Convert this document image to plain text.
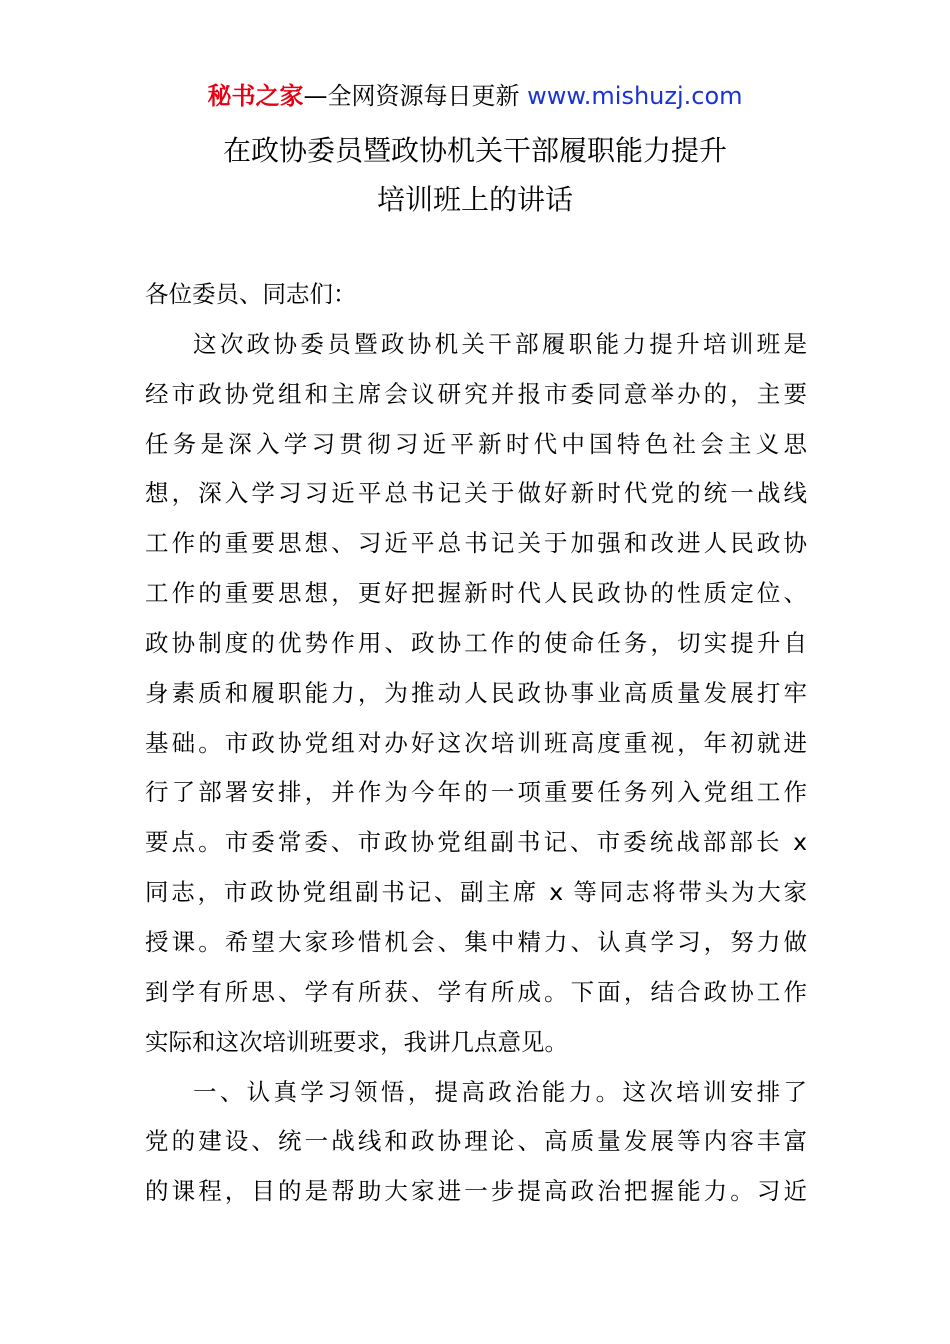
秘书之家—全网资源每日更新 www.mishuzj.com
在政协委员暨政协机关干部履职能力提升
培训班上的讲话
各位委员、同志们：
这次政协委员暨政协机关干部履职能力提升培训班是
经市政协党组和主席会议研究并报市委同意举办的，主要
任务是深入学习贯彻习近平新时代中国特色社会主义思
想，深入学习习近平总书记关于做好新时代党的统一战线
工作的重要思想、习近平总书记关于加强和改进人民政协
工作的重要思想，更好把握新时代人民政协的性质定位、
政协制度的优势作用、政协工作的使命任务，切实提升自
身素质和履职能力，为推动人民政协事业高质量发展打牢
基础。市政协党组对办好这次培训班高度重视，年初就进
行了部署安排，并作为今年的一项重要任务列入党组工作
要点。市委常委、市政协党组副书记、市委统战部部长 x
同志，市政协党组副书记、副主席 x 等同志将带头为大家
授课。希望大家珍惜机会、集中精力、认真学习，努力做
到学有所思、学有所获、学有所成。下面，结合政协工作
实际和这次培训班要求，我讲几点意见。
一、认真学习领悟，提高政治能力。这次培训安排了
党的建设、统一战线和政协理论、高质量发展等内容丰富
的课程，目的是帮助大家进一步提高政治把握能力。习近
